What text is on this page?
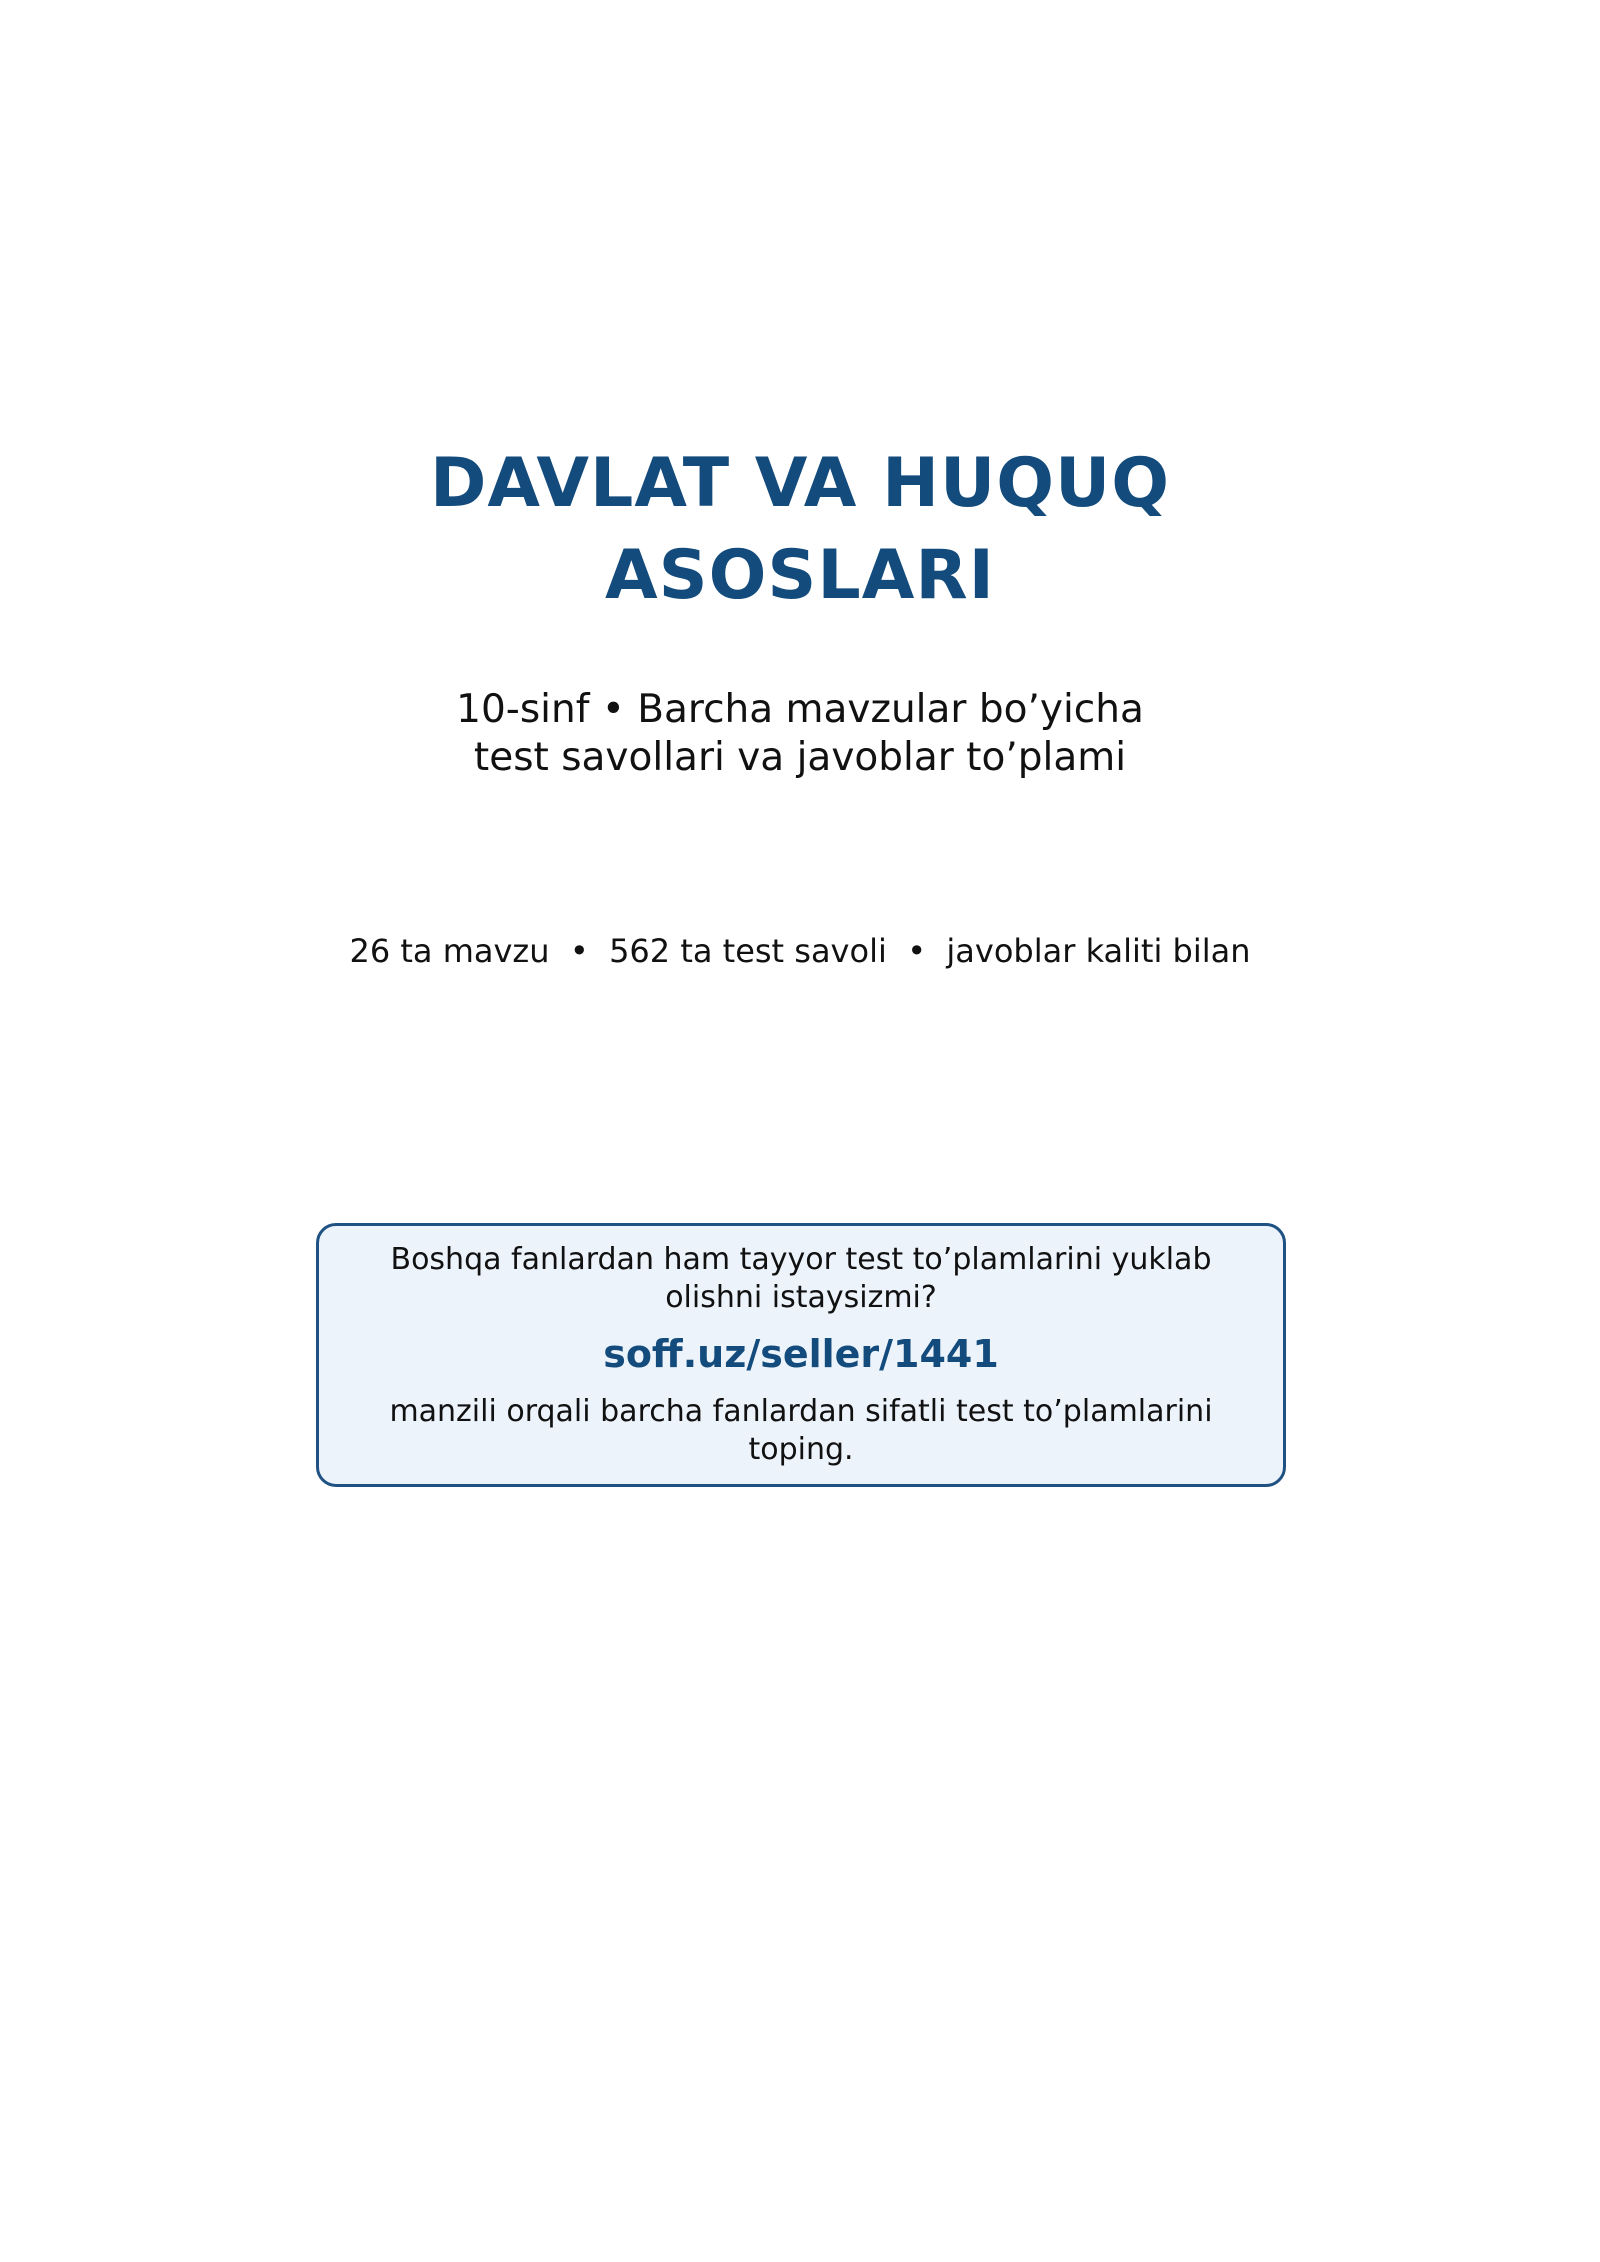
DAVLAT VA HUQUQ
ASOSLARI
10-sinf • Barcha mavzular bo’yicha
test savollari va javoblar to’plami
26 ta mavzu  •  562 ta test savoli  •  javoblar kaliti bilan
Boshqa fanlardan ham tayyor test to’plamlarini yuklab
olishni istaysizmi?
soff.uz/seller/1441
manzili orqali barcha fanlardan sifatli test to’plamlarini
toping.
